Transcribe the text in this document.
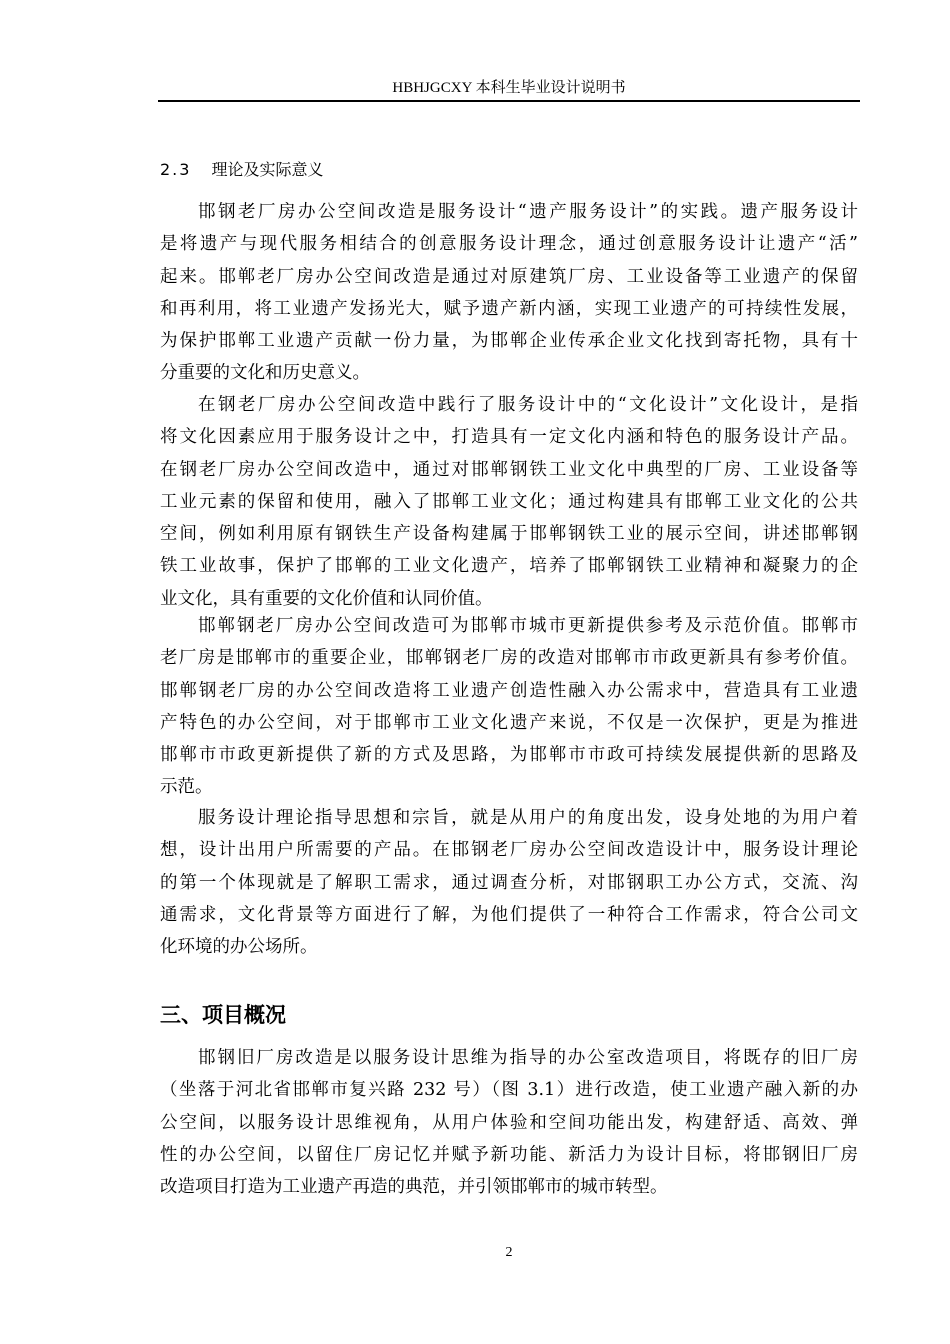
HBHJGCXY 本科生毕业设计说明书
2.3 理论及实际意义
邯钢老厂房办公空间改造是服务设计“遗产服务设计”的实践。遗产服务设计
是将遗产与现代服务相结合的创意服务设计理念，通过创意服务设计让遗产“活”
起来。邯郸老厂房办公空间改造是通过对原建筑厂房、工业设备等工业遗产的保留
和再利用，将工业遗产发扬光大，赋予遗产新内涵，实现工业遗产的可持续性发展，
为保护邯郸工业遗产贡献一份力量，为邯郸企业传承企业文化找到寄托物，具有十
分重要的文化和历史意义。
在钢老厂房办公空间改造中践行了服务设计中的“文化设计”文化设计，是指
将文化因素应用于服务设计之中，打造具有一定文化内涵和特色的服务设计产品。
在钢老厂房办公空间改造中，通过对邯郸钢铁工业文化中典型的厂房、工业设备等
工业元素的保留和使用，融入了邯郸工业文化；通过构建具有邯郸工业文化的公共
空间，例如利用原有钢铁生产设备构建属于邯郸钢铁工业的展示空间，讲述邯郸钢
铁工业故事，保护了邯郸的工业文化遗产，培养了邯郸钢铁工业精神和凝聚力的企
业文化，具有重要的文化价值和认同价值。
邯郸钢老厂房办公空间改造可为邯郸市城市更新提供参考及示范价值。邯郸市
老厂房是邯郸市的重要企业，邯郸钢老厂房的改造对邯郸市市政更新具有参考价值。
邯郸钢老厂房的办公空间改造将工业遗产创造性融入办公需求中，营造具有工业遗
产特色的办公空间，对于邯郸市工业文化遗产来说，不仅是一次保护，更是为推进
邯郸市市政更新提供了新的方式及思路，为邯郸市市政可持续发展提供新的思路及
示范。
服务设计理论指导思想和宗旨，就是从用户的角度出发，设身处地的为用户着
想，设计出用户所需要的产品。在邯钢老厂房办公空间改造设计中，服务设计理论
的第一个体现就是了解职工需求，通过调查分析，对邯钢职工办公方式，交流、沟
通需求，文化背景等方面进行了解，为他们提供了一种符合工作需求，符合公司文
化环境的办公场所。
三、项目概况
邯钢旧厂房改造是以服务设计思维为指导的办公室改造项目，将既存的旧厂房
（坐落于河北省邯郸市复兴路 232 号）（图 3.1）进行改造，使工业遗产融入新的办
公空间，以服务设计思维视角，从用户体验和空间功能出发，构建舒适、高效、弹
性的办公空间，以留住厂房记忆并赋予新功能、新活力为设计目标，将邯钢旧厂房
改造项目打造为工业遗产再造的典范，并引领邯郸市的城市转型。
2
